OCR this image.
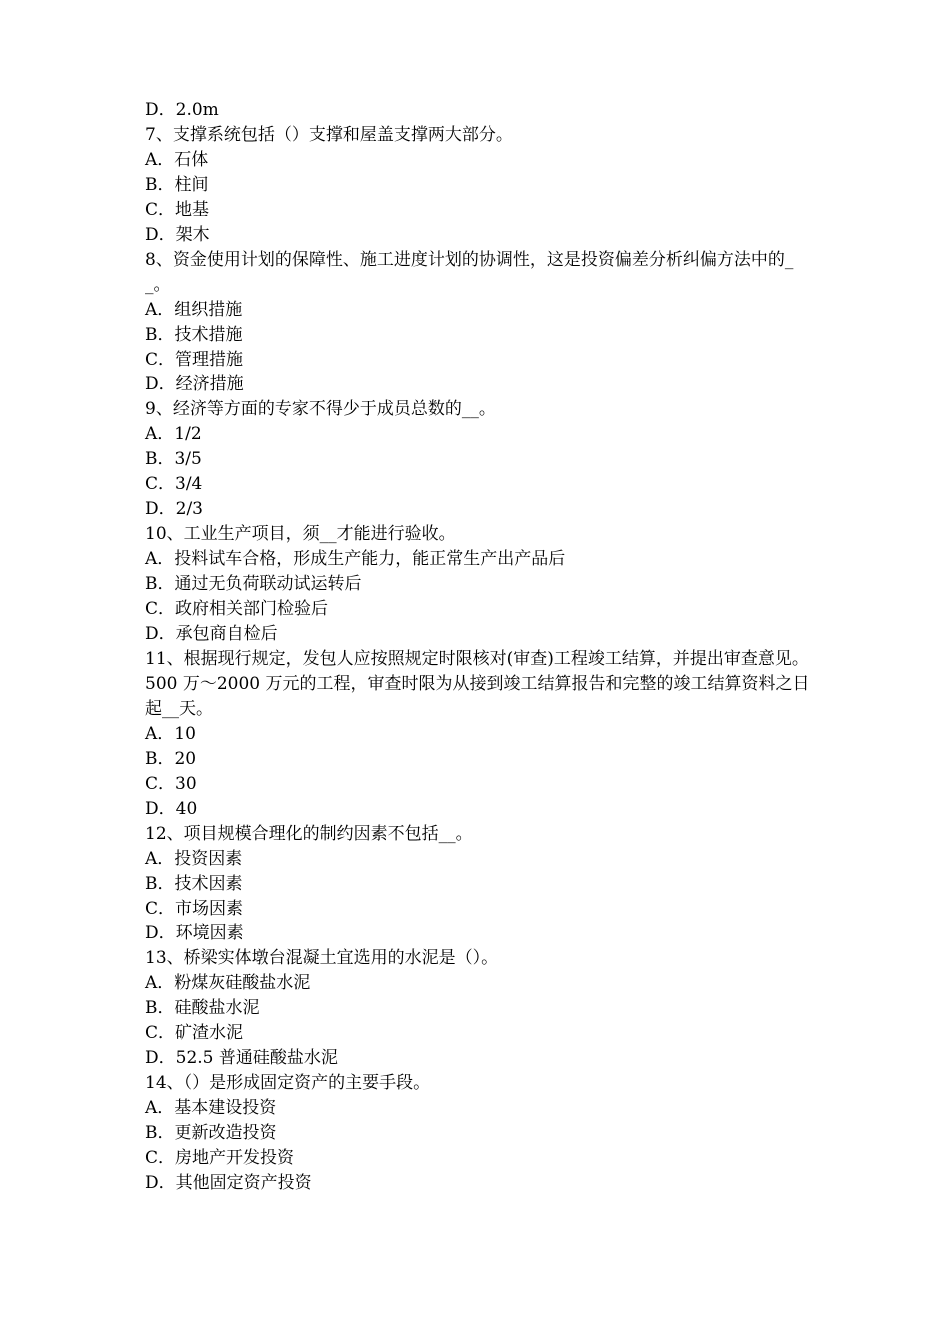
D．2.0m

7、支撑系统包括（）支撑和屋盖支撑两大部分。

A．石体

B．柱间

C．地基

D．架木

8、资金使用计划的保障性、施工进度计划的协调性，这是投资偏差分析纠偏方法中的__。

A．组织措施

B．技术措施

C．管理措施

D．经济措施

9、经济等方面的专家不得少于成员总数的__。

A．1/2

B．3/5

C．3/4

D．2/3

10、工业生产项目，须__才能进行验收。

A．投料试车合格，形成生产能力，能正常生产出产品后

B．通过无负荷联动试运转后

C．政府相关部门检验后

D．承包商自检后

11、根据现行规定，发包人应按照规定时限核对(审查)工程竣工结算，并提出审查意见。500 万～2000 万元的工程，审查时限为从接到竣工结算报告和完整的竣工结算资料之日起__天。

A．10

B．20

C．30

D．40

12、项目规模合理化的制约因素不包括__。

A．投资因素

B．技术因素

C．市场因素

D．环境因素

13、桥梁实体墩台混凝土宜选用的水泥是（）。

A．粉煤灰硅酸盐水泥

B．硅酸盐水泥

C．矿渣水泥

D．52.5 普通硅酸盐水泥

14、（）是形成固定资产的主要手段。

A．基本建设投资

B．更新改造投资

C．房地产开发投资

D．其他固定资产投资
